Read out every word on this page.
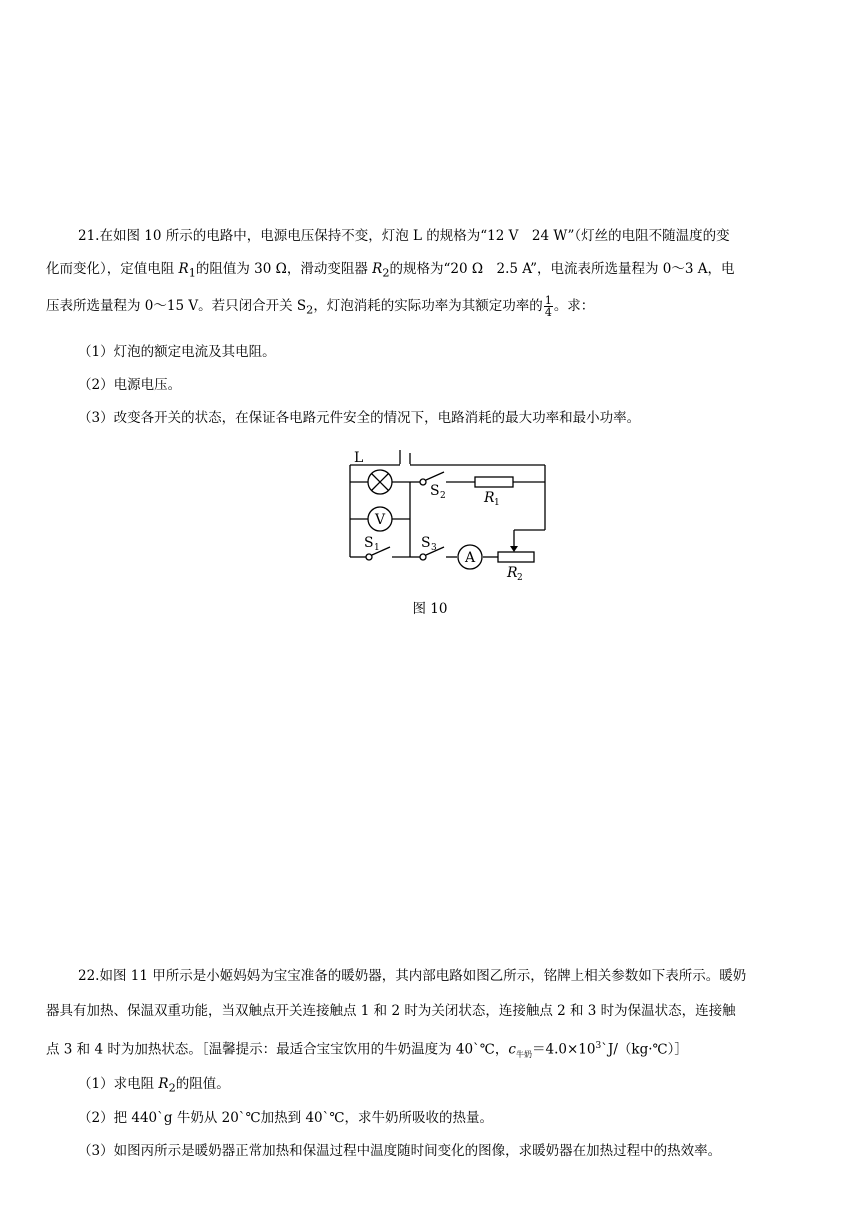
21.在如图 10 所示的电路中，电源电压保持不变，灯泡 L 的规格为“12 V　24 W”（灯丝的电阻不随温度的变
化而变化），定值电阻 $R_1$的阻值为 30 Ω，滑动变阻器 $R_2$的规格为“20 Ω　2.5 A”，电流表所选量程为 0～3 A，电
压表所选量程为 0～15 V。若只闭合开关 $S_2$，灯泡消耗的实际功率为其额定功率的 $\frac{1}{4}$ 。求：
（1）灯泡的额定电流及其电阻。
（2）电源电压。
（3）改变各开关的状态，在保证各电路元件安全的情况下，电路消耗的最大功率和最小功率。
L
V
A
S 1
S 2
S 3
R 1
R 2
图 10
22.如图 11 甲所示是小姬妈妈为宝宝准备的暖奶器，其内部电路如图乙所示，铭牌上相关参数如下表所示。暖奶
器具有加热、保温双重功能，当双触点开关连接触点 1 和 2 时为关闭状态，连接触点 2 和 3 时为保温状态，连接触
点 3 和 4 时为加热状态。［温馨提示：最适合宝宝饮用的牛奶温度为 40`℃，$c_{牛奶}=4.0\times 10^3`J/(kg\cdot℃)]$
（1）求电阻 $R_2$的阻值。
（2）把 440`g 牛奶从 20`℃加热到 40`℃，求牛奶所吸收的热量。
（3）如图丙所示是暖奶器正常加热和保温过程中温度随时间变化的图像，求暖奶器在加热过程中的热效率。
